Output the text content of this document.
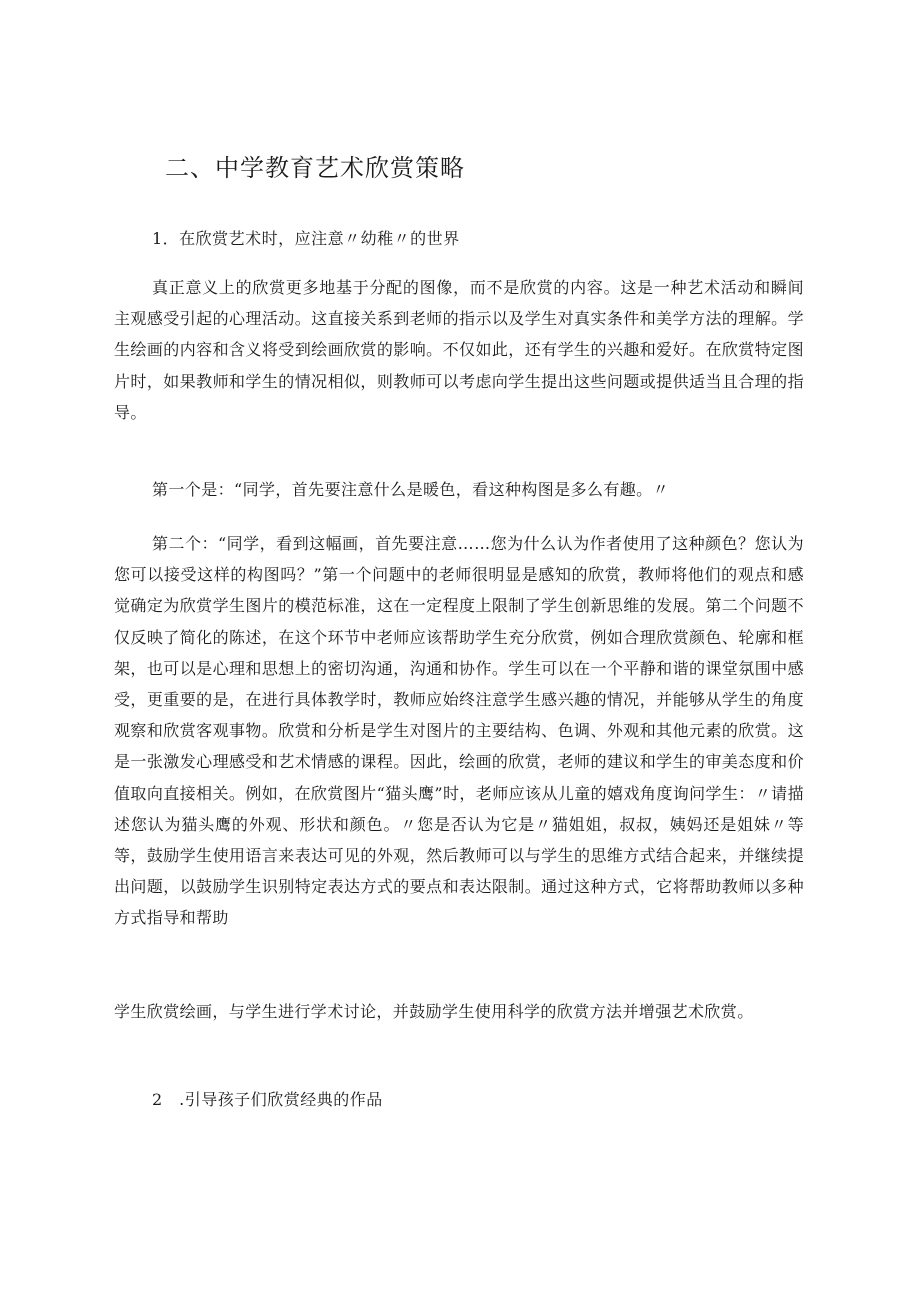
二、中学教育艺术欣赏策略

1．在欣赏艺术时，应注意〃幼稚〃的世界

真正意义上的欣赏更多地基于分配的图像，而不是欣赏的内容。这是一种艺术活动和瞬间主观感受引起的心理活动。这直接关系到老师的指示以及学生对真实条件和美学方法的理解。学生绘画的内容和含义将受到绘画欣赏的影响。不仅如此，还有学生的兴趣和爱好。在欣赏特定图片时，如果教师和学生的情况相似，则教师可以考虑向学生提出这些问题或提供适当且合理的指导。

第一个是：“同学，首先要注意什么是暖色，看这种构图是多么有趣。〃

第二个：“同学，看到这幅画，首先要注意……您为什么认为作者使用了这种颜色？您认为您可以接受这样的构图吗？”第一个问题中的老师很明显是感知的欣赏，教师将他们的观点和感觉确定为欣赏学生图片的模范标准，这在一定程度上限制了学生创新思维的发展。第二个问题不仅反映了简化的陈述，在这个环节中老师应该帮助学生充分欣赏，例如合理欣赏颜色、轮廓和框架，也可以是心理和思想上的密切沟通，沟通和协作。学生可以在一个平静和谐的课堂氛围中感受，更重要的是，在进行具体教学时，教师应始终注意学生感兴趣的情况，并能够从学生的角度观察和欣赏客观事物。欣赏和分析是学生对图片的主要结构、色调、外观和其他元素的欣赏。这是一张激发心理感受和艺术情感的课程。因此，绘画的欣赏，老师的建议和学生的审美态度和价值取向直接相关。例如，在欣赏图片“猫头鹰”时，老师应该从儿童的嬉戏角度询问学生：〃请描述您认为猫头鹰的外观、形状和颜色。〃您是否认为它是〃猫姐姐，叔叔，姨妈还是姐妹〃等等，鼓励学生使用语言来表达可见的外观，然后教师可以与学生的思维方式结合起来，并继续提出问题，以鼓励学生识别特定表达方式的要点和表达限制。通过这种方式，它将帮助教师以多种方式指导和帮助

学生欣赏绘画，与学生进行学术讨论，并鼓励学生使用科学的欣赏方法并增强艺术欣赏。

2　.引导孩子们欣赏经典的作品
